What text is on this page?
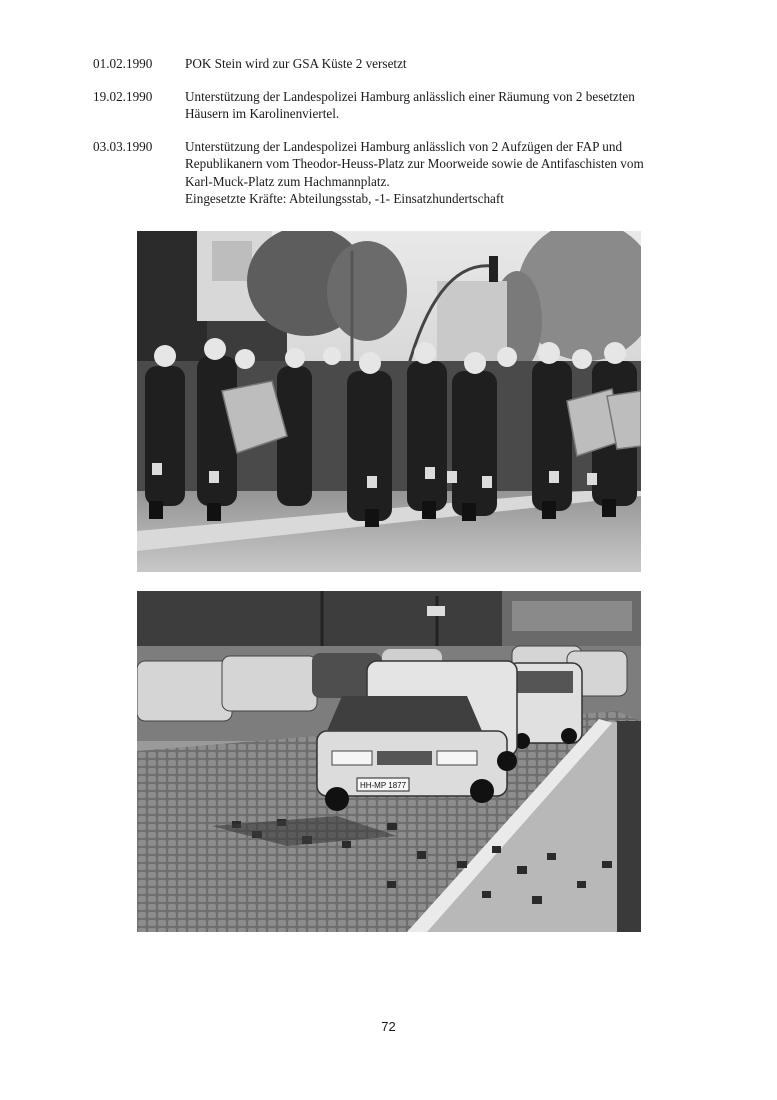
01.02.1990	POK Stein wird zur GSA Küste 2 versetzt
19.02.1990	Unterstützung der Landespolizei Hamburg anlässlich einer Räumung von 2 besetzten
Häusern im Karolinenviertel.
03.03.1990	Unterstützung der Landespolizei Hamburg anlässlich von 2 Aufzügen der FAP und
Republikanern vom Theodor-Heuss-Platz zur Moorweide sowie de Antifaschisten vom
Karl-Muck-Platz zum Hachmannplatz.
Eingesetzte Kräfte: Abteilungsstab, -1- Einsatzhundertschaft
HH-MP 1877
72
